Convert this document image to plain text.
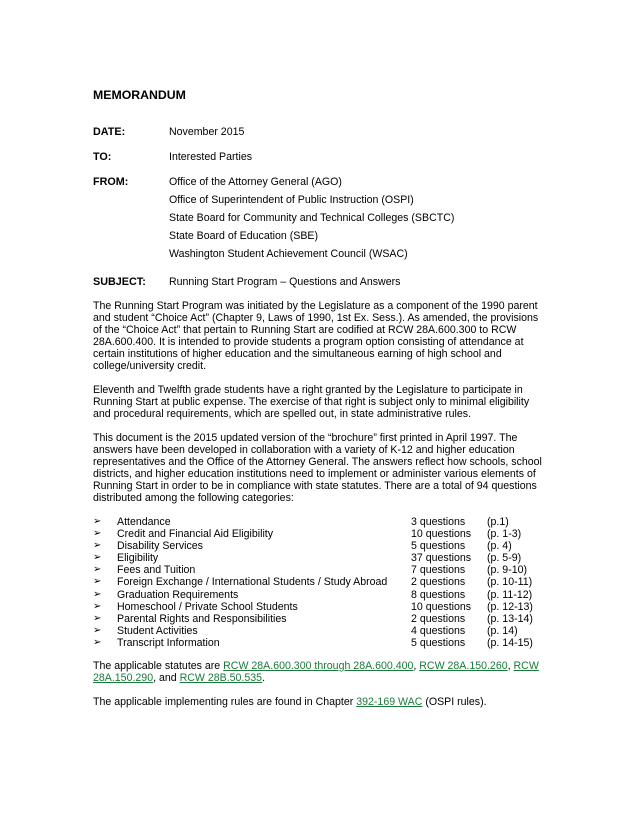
MEMORANDUM
DATE:	November 2015
TO:	Interested Parties
FROM:	Office of the Attorney General (AGO)
Office of Superintendent of Public Instruction (OSPI)
State Board for Community and Technical Colleges (SBCTC)
State Board of Education (SBE)
Washington Student Achievement Council (WSAC)
SUBJECT: Running Start Program – Questions and Answers

The Running Start Program was initiated by the Legislature as a component of the 1990 parent and student “Choice Act” (Chapter 9, Laws of 1990, 1st Ex. Sess.). As amended, the provisions of the “Choice Act” that pertain to Running Start are codified at RCW 28A.600.300 to RCW 28A.600.400. It is intended to provide students a program option consisting of attendance at certain institutions of higher education and the simultaneous earning of high school and college/university credit.

Eleventh and Twelfth grade students have a right granted by the Legislature to participate in Running Start at public expense. The exercise of that right is subject only to minimal eligibility and procedural requirements, which are spelled out, in state administrative rules.

This document is the 2015 updated version of the “brochure” first printed in April 1997. The answers have been developed in collaboration with a variety of K-12 and higher education representatives and the Office of the Attorney General. The answers reflect how schools, school districts, and higher education institutions need to implement or administer various elements of Running Start in order to be in compliance with state statutes. There are a total of 94 questions distributed among the following categories:

➢ Attendance	3 questions (p.1)
➢ Credit and Financial Aid Eligibility	10 questions (p. 1-3)
➢ Disability Services	5 questions (p. 4)
➢ Eligibility	37 questions (p. 5-9)
➢ Fees and Tuition	7 questions (p. 9-10)
➢ Foreign Exchange / International Students / Study Abroad 2 questions (p. 10-11)
➢ Graduation Requirements	8 questions (p. 11-12)
➢ Homeschool / Private School Students	10 questions (p. 12-13)
➢ Parental Rights and Responsibilities	2 questions (p. 13-14)
➢ Student Activities	4 questions (p. 14)
➢ Transcript Information	5 questions (p. 14-15)

The applicable statutes are RCW 28A.600.300 through 28A.600.400, RCW 28A.150.260, RCW 28A.150.290, and RCW 28B.50.535.

The applicable implementing rules are found in Chapter 392-169 WAC (OSPI rules).
